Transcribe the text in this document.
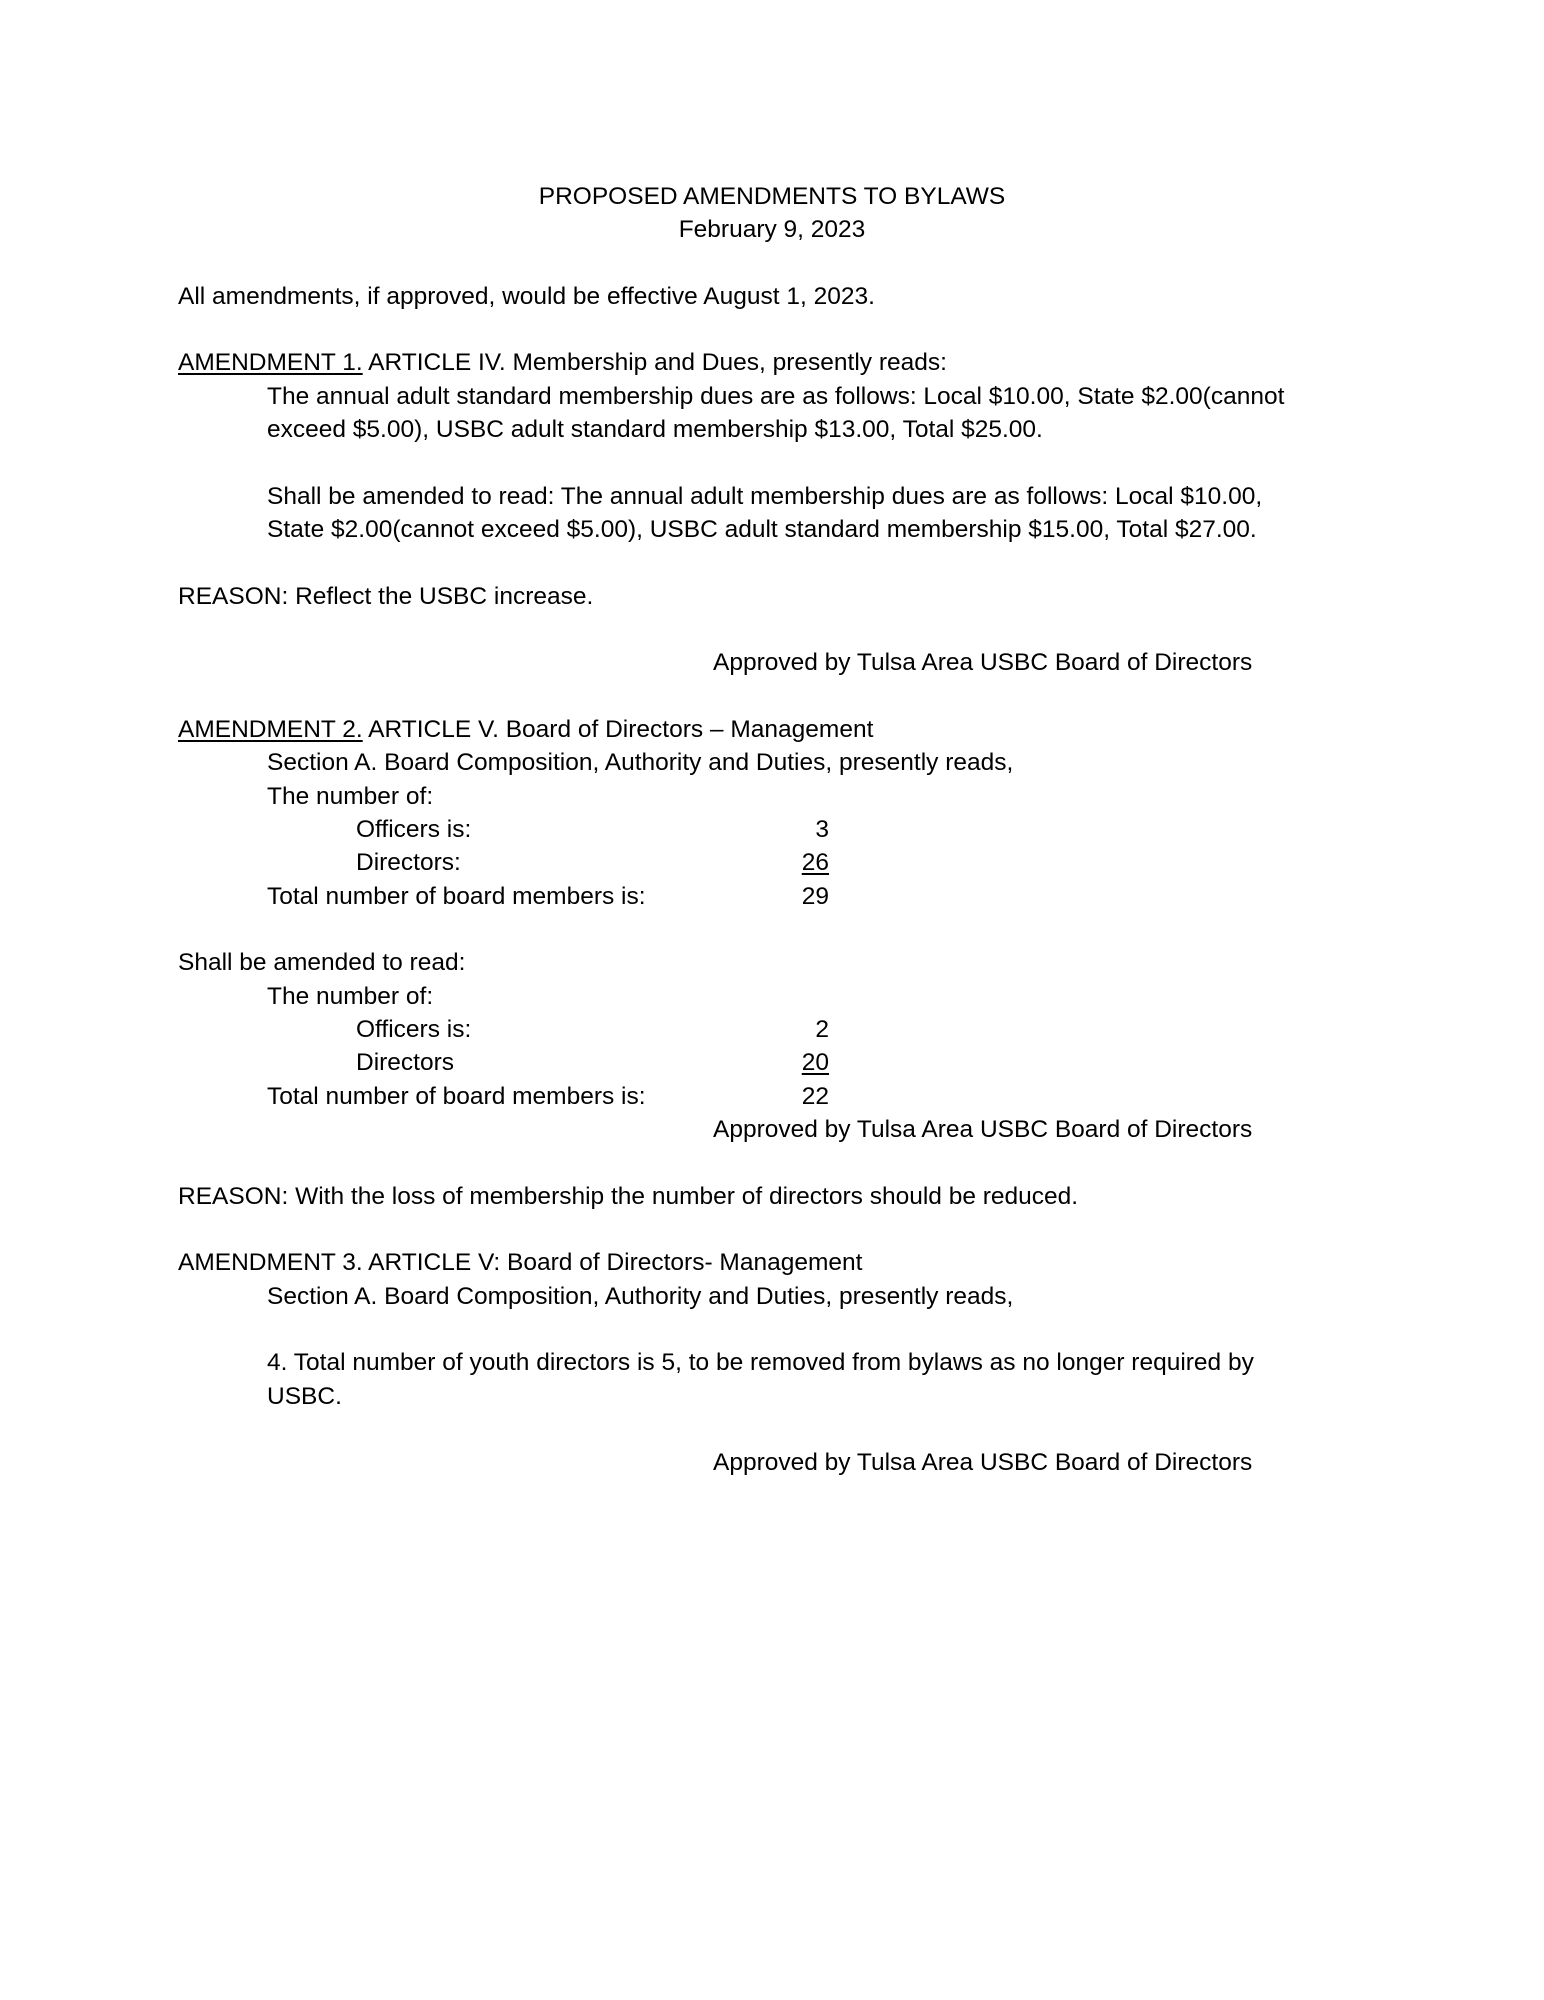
PROPOSED AMENDMENTS TO BYLAWS
February 9, 2023
All amendments, if approved, would be effective August 1, 2023.
AMENDMENT 1. ARTICLE IV. Membership and Dues, presently reads:
The annual adult standard membership dues are as follows: Local $10.00, State $2.00(cannot
exceed $5.00), USBC adult standard membership $13.00, Total $25.00.
Shall be amended to read: The annual adult membership dues are as follows: Local $10.00,
State $2.00(cannot exceed $5.00), USBC adult standard membership $15.00, Total $27.00.
REASON: Reflect the USBC increase.
Approved by Tulsa Area USBC Board of Directors
AMENDMENT 2. ARTICLE V. Board of Directors – Management
Section A. Board Composition, Authority and Duties, presently reads,
The number of:
Officers is:	3
Directors:	26
Total number of board members is:	29
Shall be amended to read:
The number of:
Officers is:	2
Directors	20
Total number of board members is:	22
Approved by Tulsa Area USBC Board of Directors
REASON: With the loss of membership the number of directors should be reduced.
AMENDMENT 3. ARTICLE V: Board of Directors- Management
Section A. Board Composition, Authority and Duties, presently reads,
4. Total number of youth directors is 5, to be removed from bylaws as no longer required by
USBC.
Approved by Tulsa Area USBC Board of Directors
